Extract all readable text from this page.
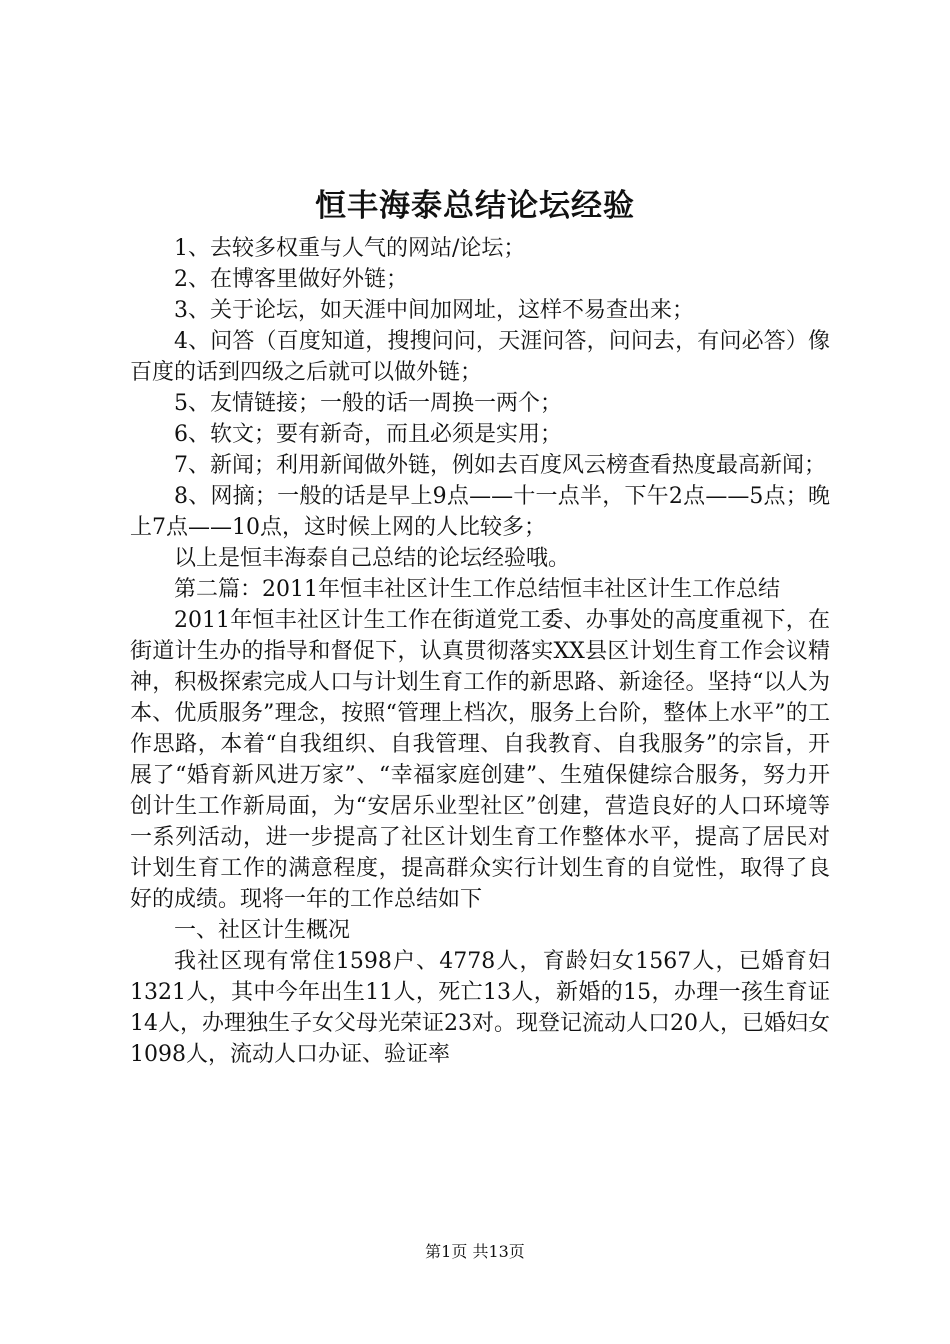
恒丰海泰总结论坛经验

1、去较多权重与人气的网站/论坛；

2、在博客里做好外链；

3、关于论坛，如天涯中间加网址，这样不易查出来；

4、问答（百度知道，搜搜问问，天涯问答，问问去，有问必答）像百度的话到四级之后就可以做外链；

5、友情链接；一般的话一周换一两个；

6、软文；要有新奇，而且必须是实用；

7、新闻；利用新闻做外链，例如去百度风云榜查看热度最高新闻；

8、网摘；一般的话是早上9点——十一点半，下午2点——5点；晚上7点——10点，这时候上网的人比较多；

以上是恒丰海泰自己总结的论坛经验哦。

第二篇：2011年恒丰社区计生工作总结恒丰社区计生工作总结

2011年恒丰社区计生工作在街道党工委、办事处的高度重视下，在街道计生办的指导和督促下，认真贯彻落实XX县区计划生育工作会议精神，积极探索完成人口与计划生育工作的新思路、新途径。坚持“以人为本、优质服务”理念，按照“管理上档次，服务上台阶，整体上水平”的工作思路，本着“自我组织、自我管理、自我教育、自我服务”的宗旨，开展了“婚育新风进万家”、“幸福家庭创建”、生殖保健综合服务，努力开创计生工作新局面，为“安居乐业型社区”创建，营造良好的人口环境等一系列活动，进一步提高了社区计划生育工作整体水平，提高了居民对计划生育工作的满意程度，提高群众实行计划生育的自觉性，取得了良好的成绩。现将一年的工作总结如下

一、社区计生概况

我社区现有常住1598户、4778人，育龄妇女1567人，已婚育妇1321人，其中今年出生11人，死亡13人，新婚的15，办理一孩生育证14人，办理独生子女父母光荣证23对。现登记流动人口20人，已婚妇女1098人，流动人口办证、验证率

第1页 共13页
